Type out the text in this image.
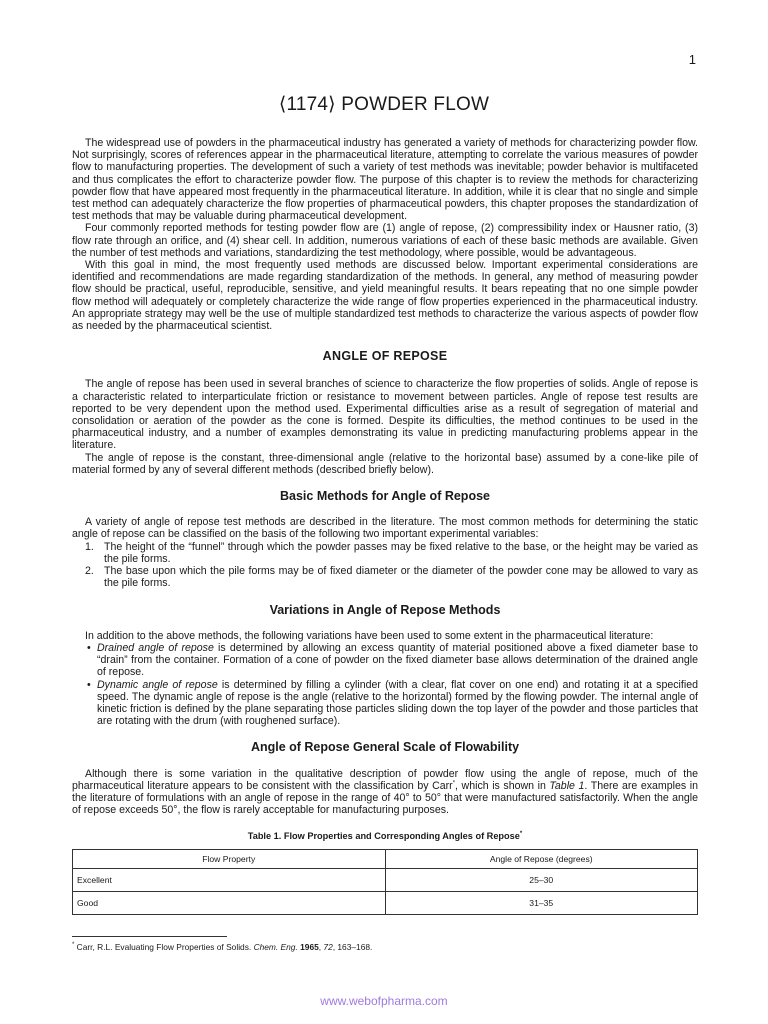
1
⟨1174⟩ POWDER FLOW

The widespread use of powders in the pharmaceutical industry has generated a variety of methods for characterizing powder flow. Not surprisingly, scores of references appear in the pharmaceutical literature, attempting to correlate the various measures of powder flow to manufacturing properties. The development of such a variety of test methods was inevitable; powder behavior is multifaceted and thus complicates the effort to characterize powder flow. The purpose of this chapter is to review the methods for characterizing powder flow that have appeared most frequently in the pharmaceutical literature. In addition, while it is clear that no single and simple test method can adequately characterize the flow properties of pharmaceutical powders, this chapter proposes the standardization of test methods that may be valuable during pharmaceutical development.

Four commonly reported methods for testing powder flow are (1) angle of repose, (2) compressibility index or Hausner ratio, (3) flow rate through an orifice, and (4) shear cell. In addition, numerous variations of each of these basic methods are available. Given the number of test methods and variations, standardizing the test methodology, where possible, would be advantageous.

With this goal in mind, the most frequently used methods are discussed below. Important experimental considerations are identified and recommendations are made regarding standardization of the methods. In general, any method of measuring powder flow should be practical, useful, reproducible, sensitive, and yield meaningful results. It bears repeating that no one simple powder flow method will adequately or completely characterize the wide range of flow properties experienced in the pharmaceutical industry. An appropriate strategy may well be the use of multiple standardized test methods to characterize the various aspects of powder flow as needed by the pharmaceutical scientist.

ANGLE OF REPOSE

The angle of repose has been used in several branches of science to characterize the flow properties of solids. Angle of repose is a characteristic related to interparticulate friction or resistance to movement between particles. Angle of repose test results are reported to be very dependent upon the method used. Experimental difficulties arise as a result of segregation of material and consolidation or aeration of the powder as the cone is formed. Despite its difficulties, the method continues to be used in the pharmaceutical industry, and a number of examples demonstrating its value in predicting manufacturing problems appear in the literature.

The angle of repose is the constant, three-dimensional angle (relative to the horizontal base) assumed by a cone-like pile of material formed by any of several different methods (described briefly below).

Basic Methods for Angle of Repose

A variety of angle of repose test methods are described in the literature. The most common methods for determining the static angle of repose can be classified on the basis of the following two important experimental variables:

1. The height of the “funnel” through which the powder passes may be fixed relative to the base, or the height may be varied as the pile forms.
2. The base upon which the pile forms may be of fixed diameter or the diameter of the powder cone may be allowed to vary as the pile forms.
Variations in Angle of Repose Methods

In addition to the above methods, the following variations have been used to some extent in the pharmaceutical literature:

• Drained angle of repose is determined by allowing an excess quantity of material positioned above a fixed diameter base to “drain” from the container. Formation of a cone of powder on the fixed diameter base allows determination of the drained angle of repose.
• Dynamic angle of repose is determined by filling a cylinder (with a clear, flat cover on one end) and rotating it at a specified speed. The dynamic angle of repose is the angle (relative to the horizontal) formed by the flowing powder. The internal angle of kinetic friction is defined by the plane separating those particles sliding down the top layer of the powder and those particles that are rotating with the drum (with roughened surface).
Angle of Repose General Scale of Flowability

Although there is some variation in the qualitative description of powder flow using the angle of repose, much of the pharmaceutical literature appears to be consistent with the classification by Carr*, which is shown in Table 1. There are examples in the literature of formulations with an angle of repose in the range of 40° to 50° that were manufactured satisfactorily. When the angle of repose exceeds 50°, the flow is rarely acceptable for manufacturing purposes.

Table 1. Flow Properties and Corresponding Angles of Repose*
Flow Property	Angle of Repose (degrees)
Excellent	25–30
Good	31–35
* Carr, R.L. Evaluating Flow Properties of Solids. Chem. Eng. 1965, 72, 163–168.
www.webofpharma.com
